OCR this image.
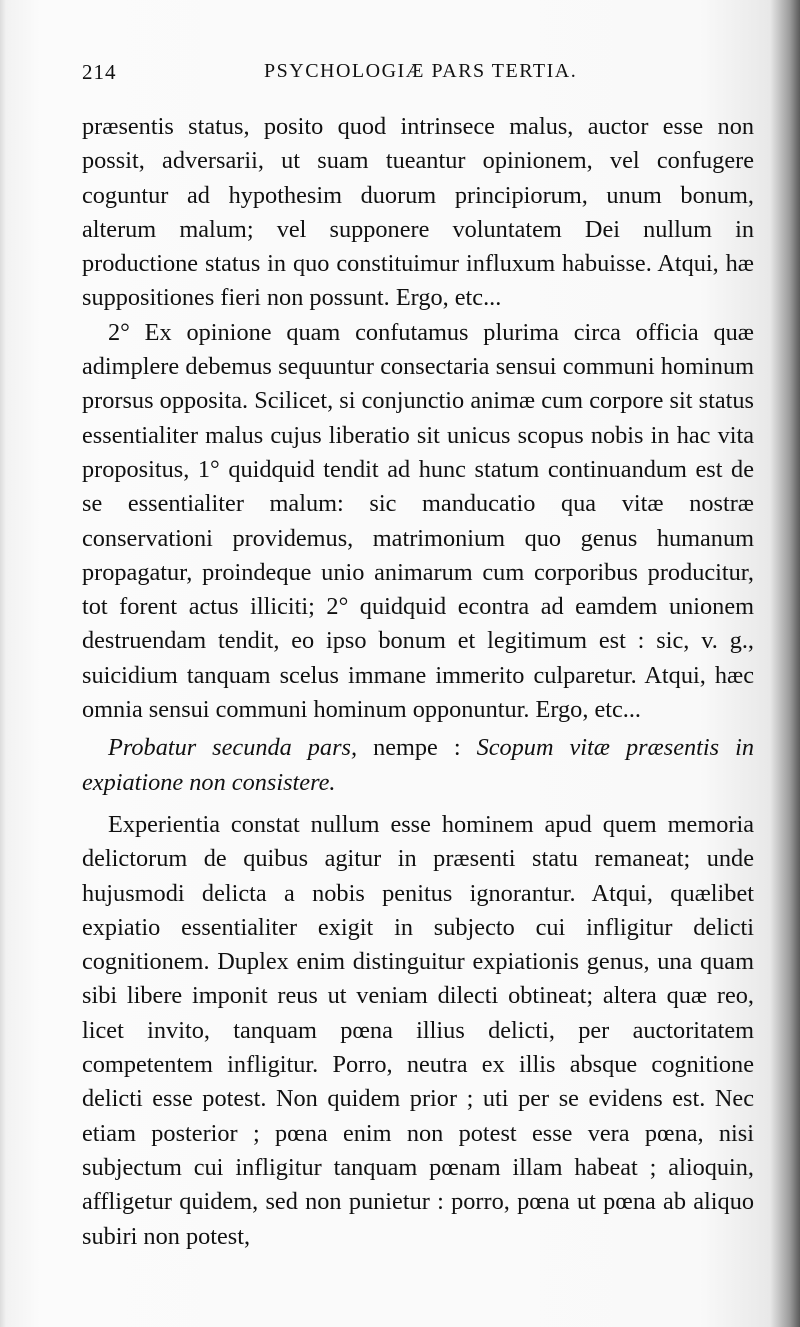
214	PSYCHOLOGIÆ PARS TERTIA.

præsentis status, posito quod intrinsece malus, auctor esse non possit, adversarii, ut suam tueantur opinionem, vel confugere coguntur ad hypothesim duorum principiorum, unum bonum, alterum malum; vel supponere voluntatem Dei nullum in productione status in quo constituimur influxum habuisse. Atqui, hæ suppositiones fieri non possunt. Ergo, etc...

2° Ex opinione quam confutamus plurima circa officia quæ adimplere debemus sequuntur consectaria sensui communi hominum prorsus opposita. Scilicet, si conjunctio animæ cum corpore sit status essentialiter malus cujus liberatio sit unicus scopus nobis in hac vita propositus, 1° quidquid tendit ad hunc statum continuandum est de se essentialiter malum: sic manducatio qua vitæ nostræ conservationi providemus, matrimonium quo genus humanum propagatur, proindeque unio animarum cum corporibus producitur, tot forent actus illiciti; 2° quidquid econtra ad eamdem unionem destruendam tendit, eo ipso bonum et legitimum est : sic, v. g., suicidium tanquam scelus immane immerito culparetur. Atqui, hæc omnia sensui communi hominum opponuntur. Ergo, etc...

Probatur secunda pars, nempe : Scopum vitæ præsentis in expiatione non consistere.

Experientia constat nullum esse hominem apud quem memoria delictorum de quibus agitur in præsenti statu remaneat; unde hujusmodi delicta a nobis penitus ignorantur. Atqui, quælibet expiatio essentialiter exigit in subjecto cui infligitur delicti cognitionem. Duplex enim distinguitur expiationis genus, una quam sibi libere imponit reus ut veniam dilecti obtineat; altera quæ reo, licet invito, tanquam pœna illius delicti, per auctoritatem competentem infligitur. Porro, neutra ex illis absque cognitione delicti esse potest. Non quidem prior ; uti per se evidens est. Nec etiam posterior ; pœna enim non potest esse vera pœna, nisi subjectum cui infligitur tanquam pœnam illam habeat ; alioquin, affligetur quidem, sed non punietur : porro, pœna ut pœna ab aliquo subiri non potest,
